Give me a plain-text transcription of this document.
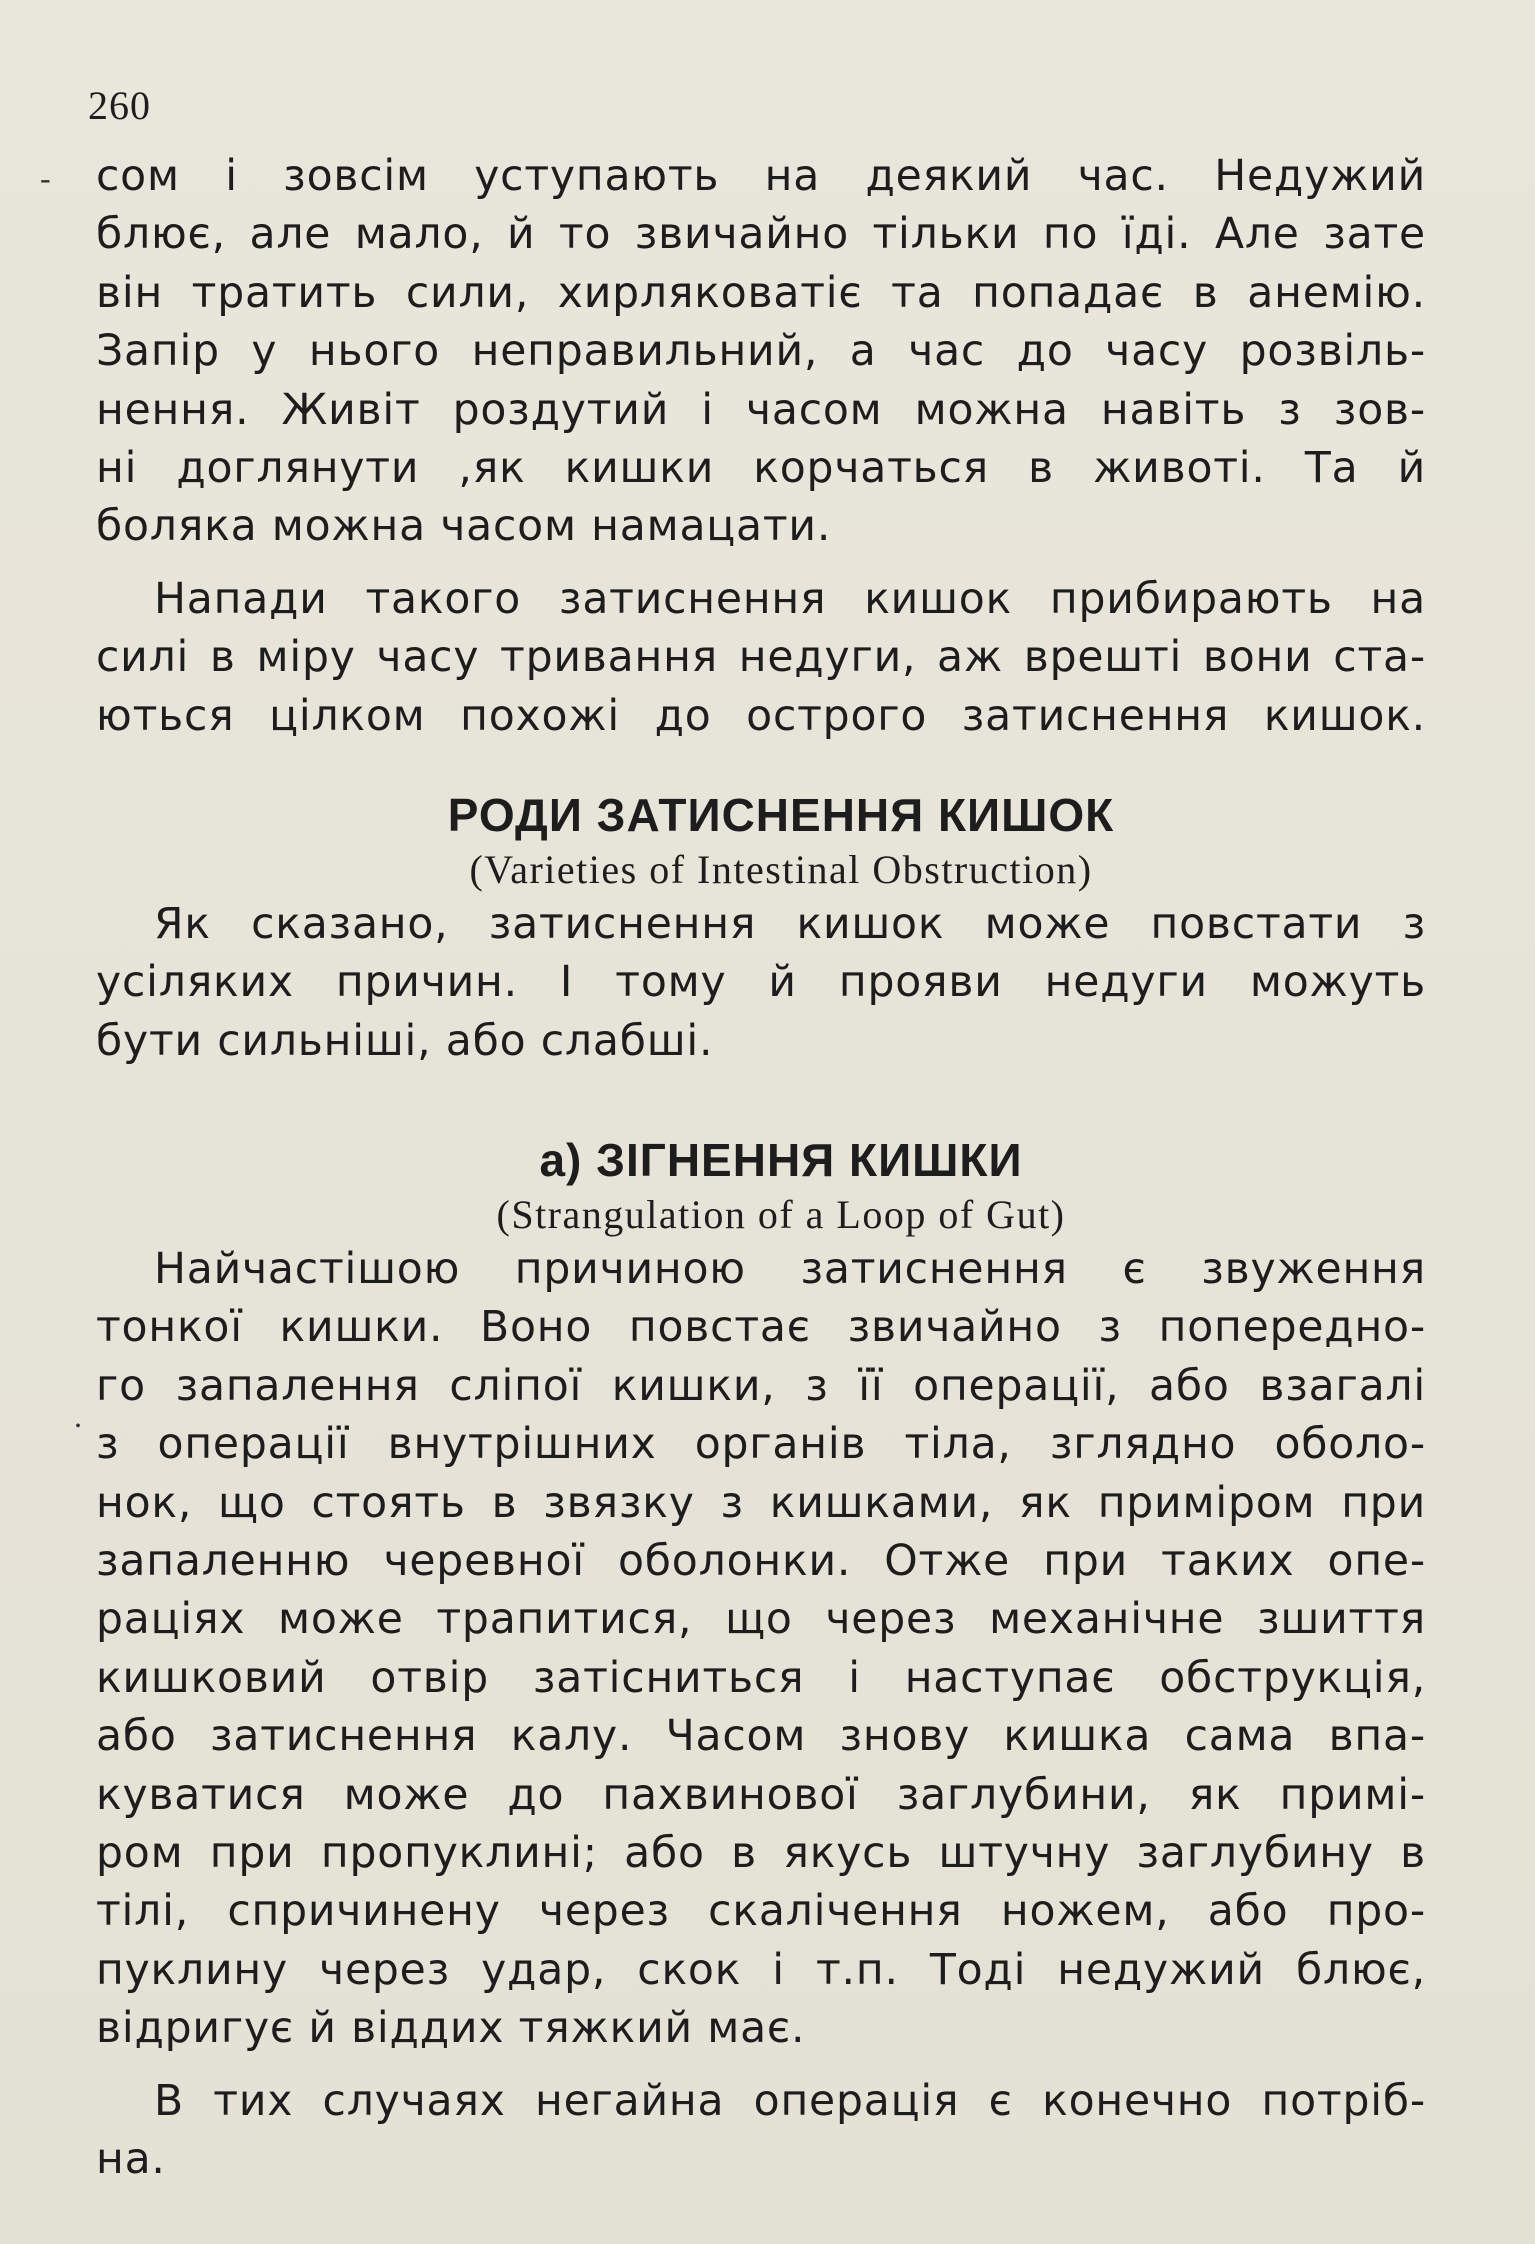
260
-
.
сом і зовсім уступають на деякий час. Недужий
блює, але мало, й то звичайно тільки по їді. Але зате
він тратить сили, хирляковатіє та попадає в анемію.
Запір у нього неправильний, а час до часу розвіль-
нення. Живіт роздутий і часом можна навіть з зов-
ні доглянути ,як кишки корчаться в животі. Та й
боляка можна часом намацати.
Напади такого затиснення кишок прибирають на
силі в міру часу тривання недуги, аж врешті вони ста-
ються цілком похожі до острого затиснення кишок.
РОДИ ЗАТИСНЕННЯ КИШОК
(Varieties of Intestinal Obstruction)
Як сказано, затиснення кишок може повстати з
усіляких причин. І тому й прояви недуги можуть
бути сильніші, або слабші.
а) ЗІГНЕННЯ КИШКИ
(Strangulation of a Loop of Gut)
Найчастішою причиною затиснення є звуження
тонкої кишки. Воно повстає звичайно з попередно-
го запалення сліпої кишки, з її операції, або взагалі
з операції внутрішних органів тіла, зглядно оболо-
нок, що стоять в звязку з кишками, як приміром при
запаленню черевної оболонки. Отже при таких опе-
раціях може трапитися, що через механічне зшиття
кишковий отвір затісниться і наступає обструкція,
або затиснення калу. Часом знову кишка сама впа-
куватися може до пахвинової заглубини, як примі-
ром при пропуклині; або в якусь штучну заглубину в
тілі, спричинену через скалічення ножем, або про-
пуклину через удар, скок і т.п. Тоді недужий блює,
відригує й віддих тяжкий має.
В тих случаях негайна операція є конечно потріб-
на.
